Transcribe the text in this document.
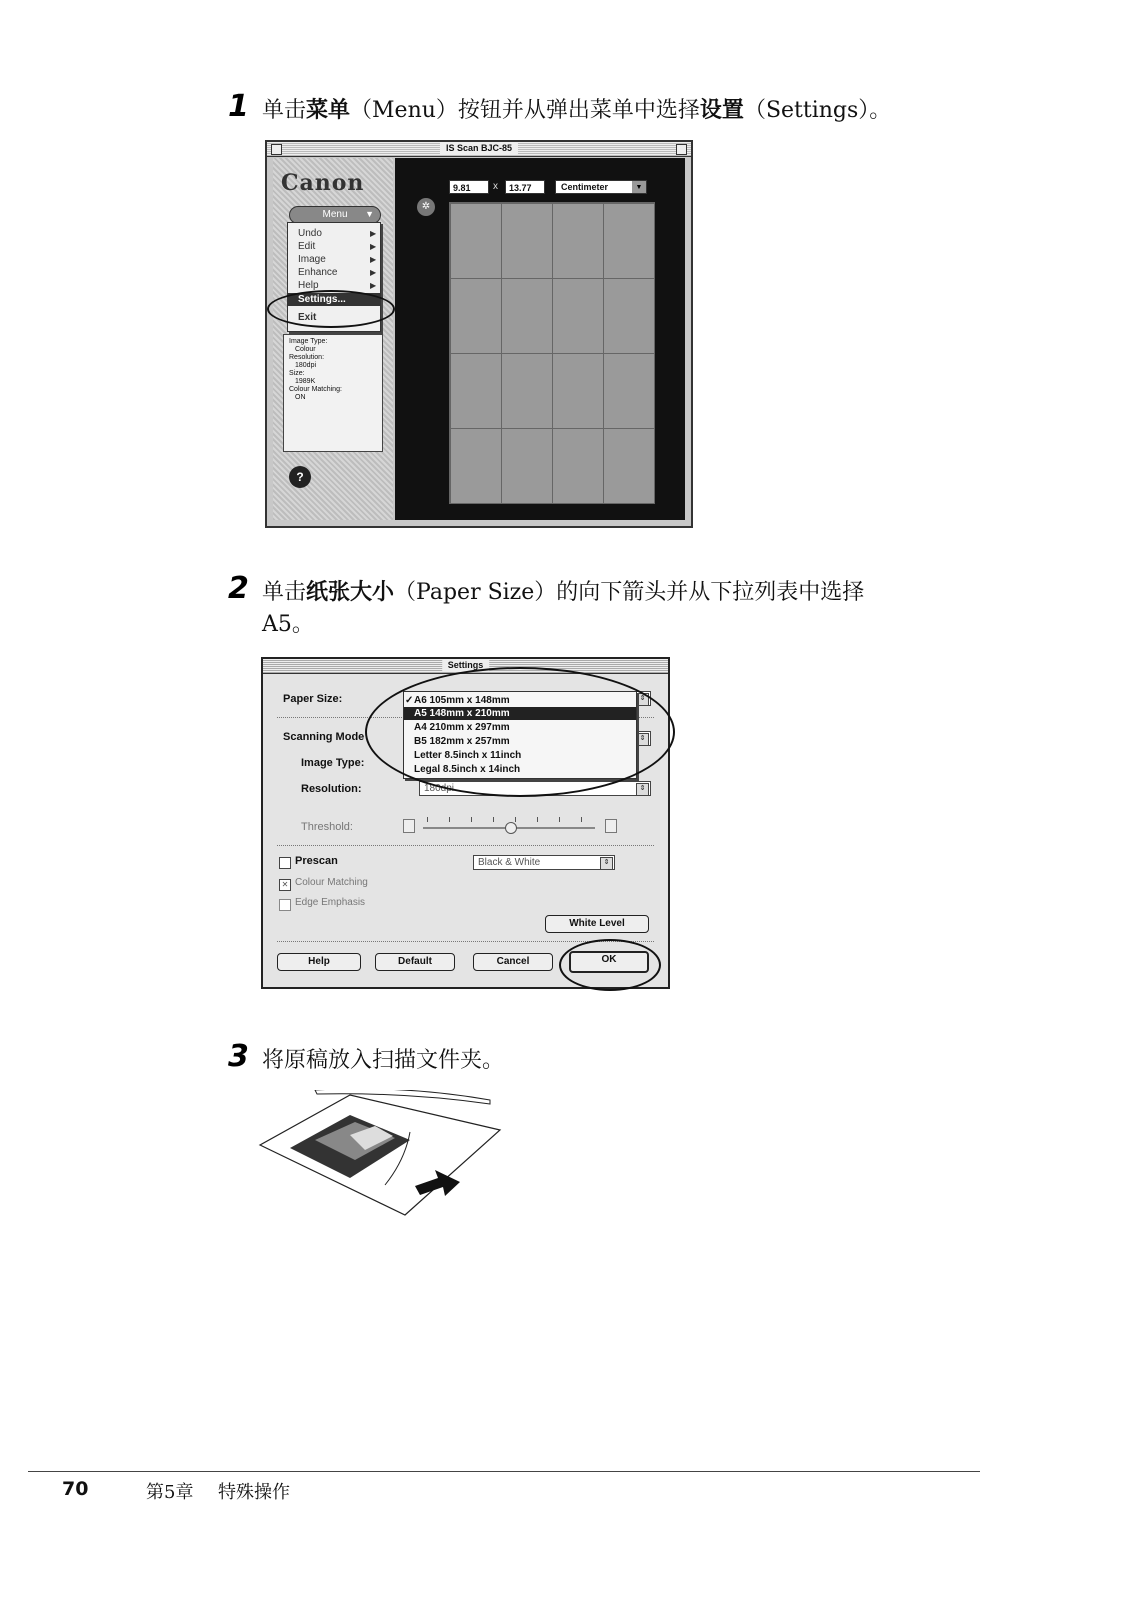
1 单击菜单（Menu）按钮并从弹出菜单中选择设置（Settings）。
IS Scan BJC-85
Canon
Menu ▼
Undo	▶
Edit	▶
Image	▶
Enhance	▶
Help	▶
Settings...
Exit
Image Type:
Colour
Resolution:
180dpi
Size:
1989K
Colour Matching:
ON
?
9.81	x	13.77	Centimeter	▼
✲
2 单击纸张大小（Paper Size）的向下箭头并从下拉列表中选择
A5。
Settings
Paper Size:	⇕
Scanning Mode	⇕
Image Type:
Resolution:	180dpi	⇕
Threshold:
Prescan	Black & White	⇕
✕ Colour Matching
Edge Emphasis
White Level
Help	Default	Cancel	OK
✓ A6 105mm x 148mm
A5 148mm x 210mm
A4 210mm x 297mm
B5 182mm x 257mm
Letter 8.5inch x 11inch
Legal 8.5inch x 14inch
3 将原稿放入扫描文件夹。
70	第5章 特殊操作
